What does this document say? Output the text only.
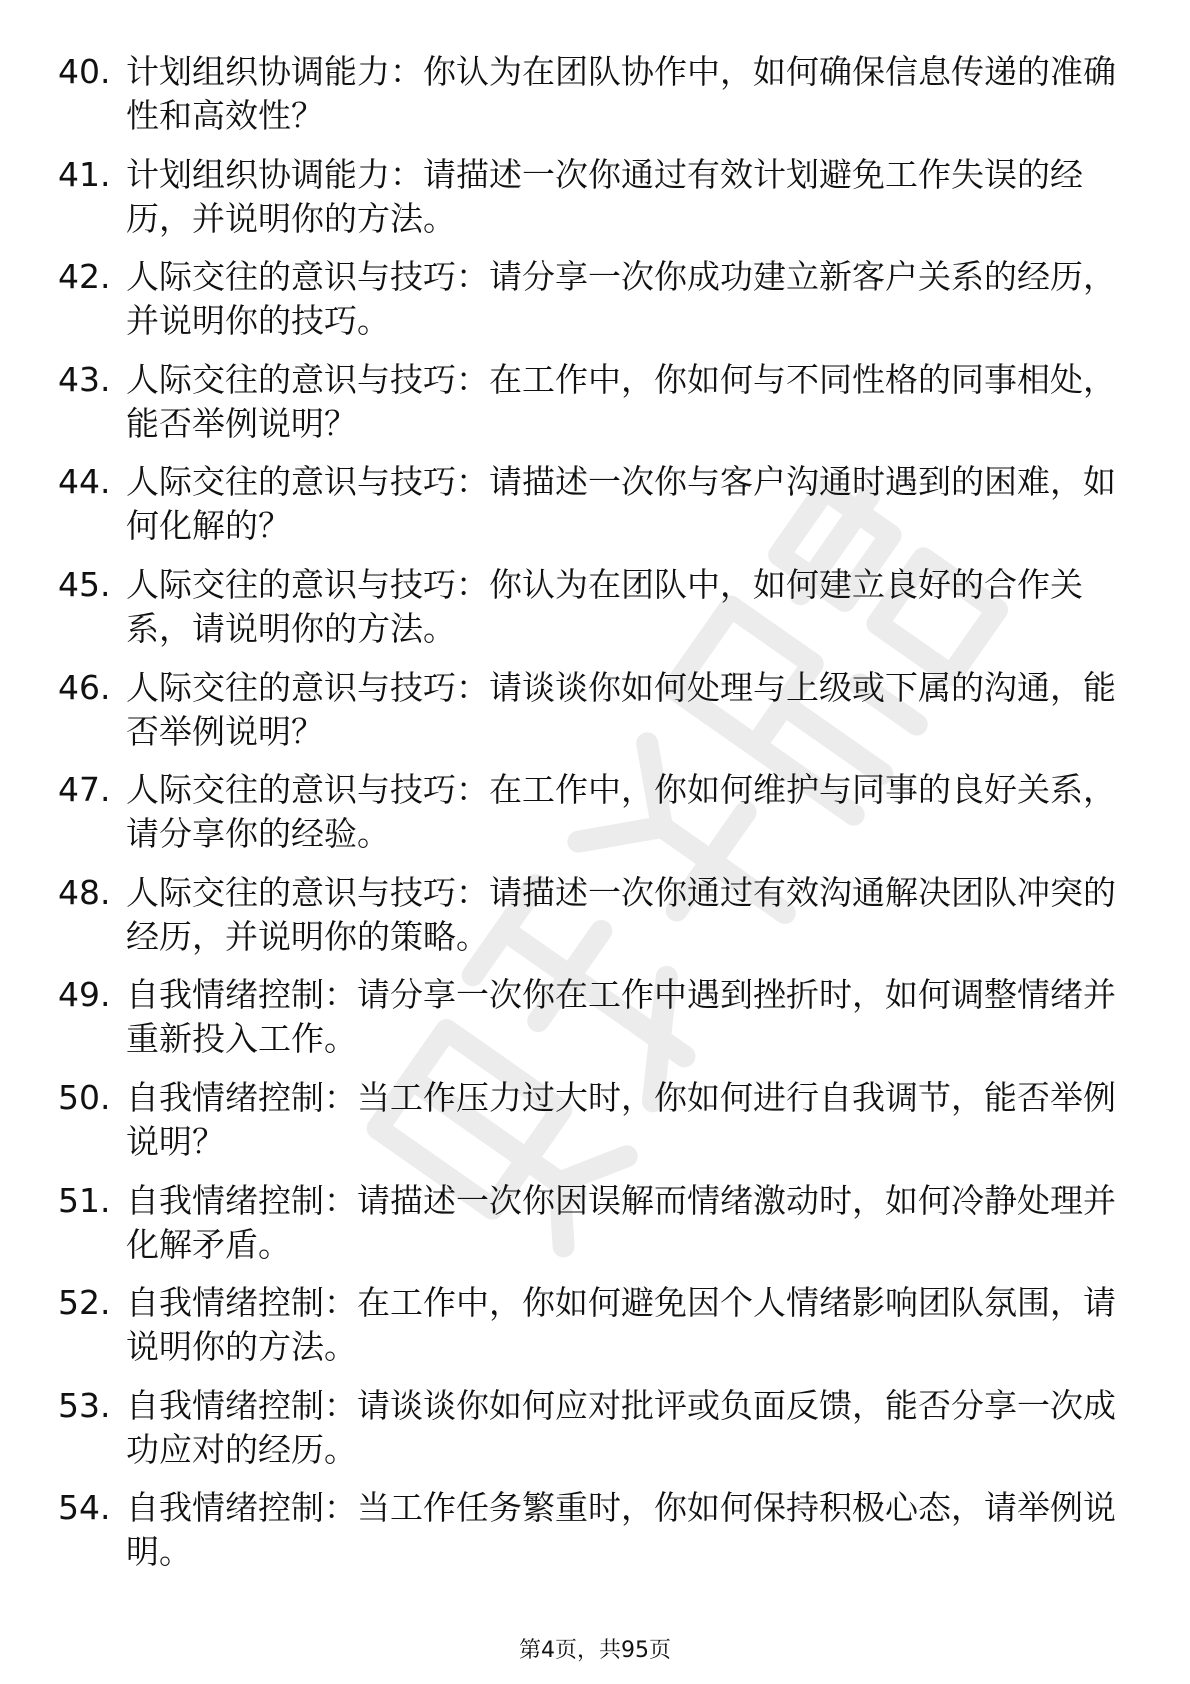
40. 计划组织协调能力：你认为在团队协作中，如何确保信息传递的准确性和高效性？
41. 计划组织协调能力：请描述一次你通过有效计划避免工作失误的经历，并说明你的方法。
42. 人际交往的意识与技巧：请分享一次你成功建立新客户关系的经历，并说明你的技巧。
43. 人际交往的意识与技巧：在工作中，你如何与不同性格的同事相处，能否举例说明？
44. 人际交往的意识与技巧：请描述一次你与客户沟通时遇到的困难，如何化解的？
45. 人际交往的意识与技巧：你认为在团队中，如何建立良好的合作关系，请说明你的方法。
46. 人际交往的意识与技巧：请谈谈你如何处理与上级或下属的沟通，能否举例说明？
47. 人际交往的意识与技巧：在工作中，你如何维护与同事的良好关系，请分享你的经验。
48. 人际交往的意识与技巧：请描述一次你通过有效沟通解决团队冲突的经历，并说明你的策略。
49. 自我情绪控制：请分享一次你在工作中遇到挫折时，如何调整情绪并重新投入工作。
50. 自我情绪控制：当工作压力过大时，你如何进行自我调节，能否举例说明？
51. 自我情绪控制：请描述一次你因误解而情绪激动时，如何冷静处理并化解矛盾。
52. 自我情绪控制：在工作中，你如何避免因个人情绪影响团队氛围，请说明你的方法。
53. 自我情绪控制：请谈谈你如何应对批评或负面反馈，能否分享一次成功应对的经历。
54. 自我情绪控制：当工作任务繁重时，你如何保持积极心态，请举例说明。
第4页，共95页
